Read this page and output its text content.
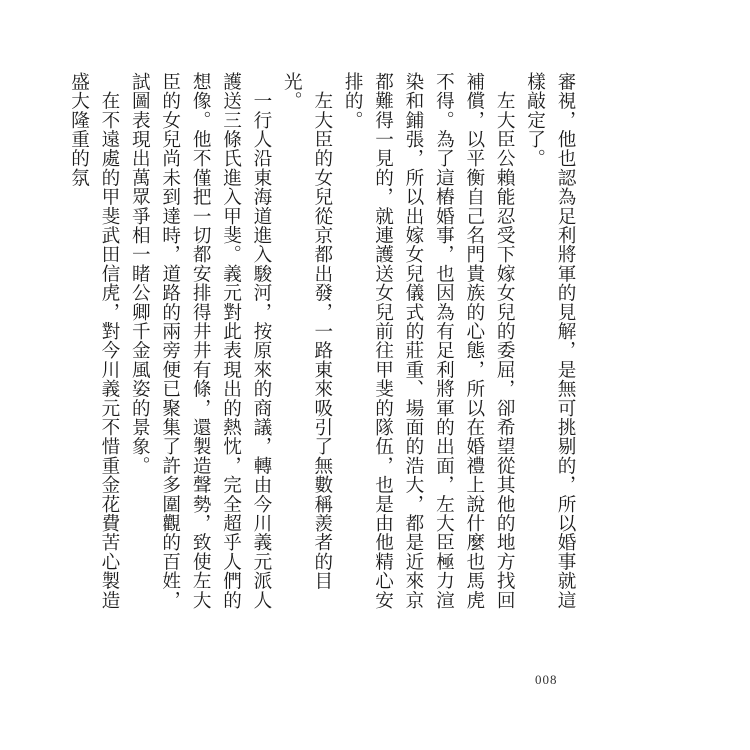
審視，他也認為足利將軍的見解，是無可挑剔的，所以婚事就這樣敲定了。

　左大臣公賴能忍受下嫁女兒的委屈，卻希望從其他的地方找回補償，以平衡自己名門貴族的心態，所以在婚禮上說什麼也馬虎不得。為了這樁婚事，也因為有足利將軍的出面，左大臣極力渲染和鋪張，所以出嫁女兒儀式的莊重、場面的浩大，都是近來京都難得一見的，就連護送女兒前往甲斐的隊伍，也是由他精心安排的。

　左大臣的女兒從京都出發，一路東來吸引了無數稱羨者的目光。

　一行人沿東海道進入駿河，按原來的商議，轉由今川義元派人護送三條氏進入甲斐。義元對此表現出的熱忱，完全超乎人們的想像。他不僅把一切都安排得井井有條，還製造聲勢，致使左大臣的女兒尚未到達時，道路的兩旁便已聚集了許多圍觀的百姓，試圖表現出萬眾爭相一睹公卿千金風姿的景象。

　在不遠處的甲斐武田信虎，對今川義元不惜重金花費苦心製造盛大隆重的氛

008
